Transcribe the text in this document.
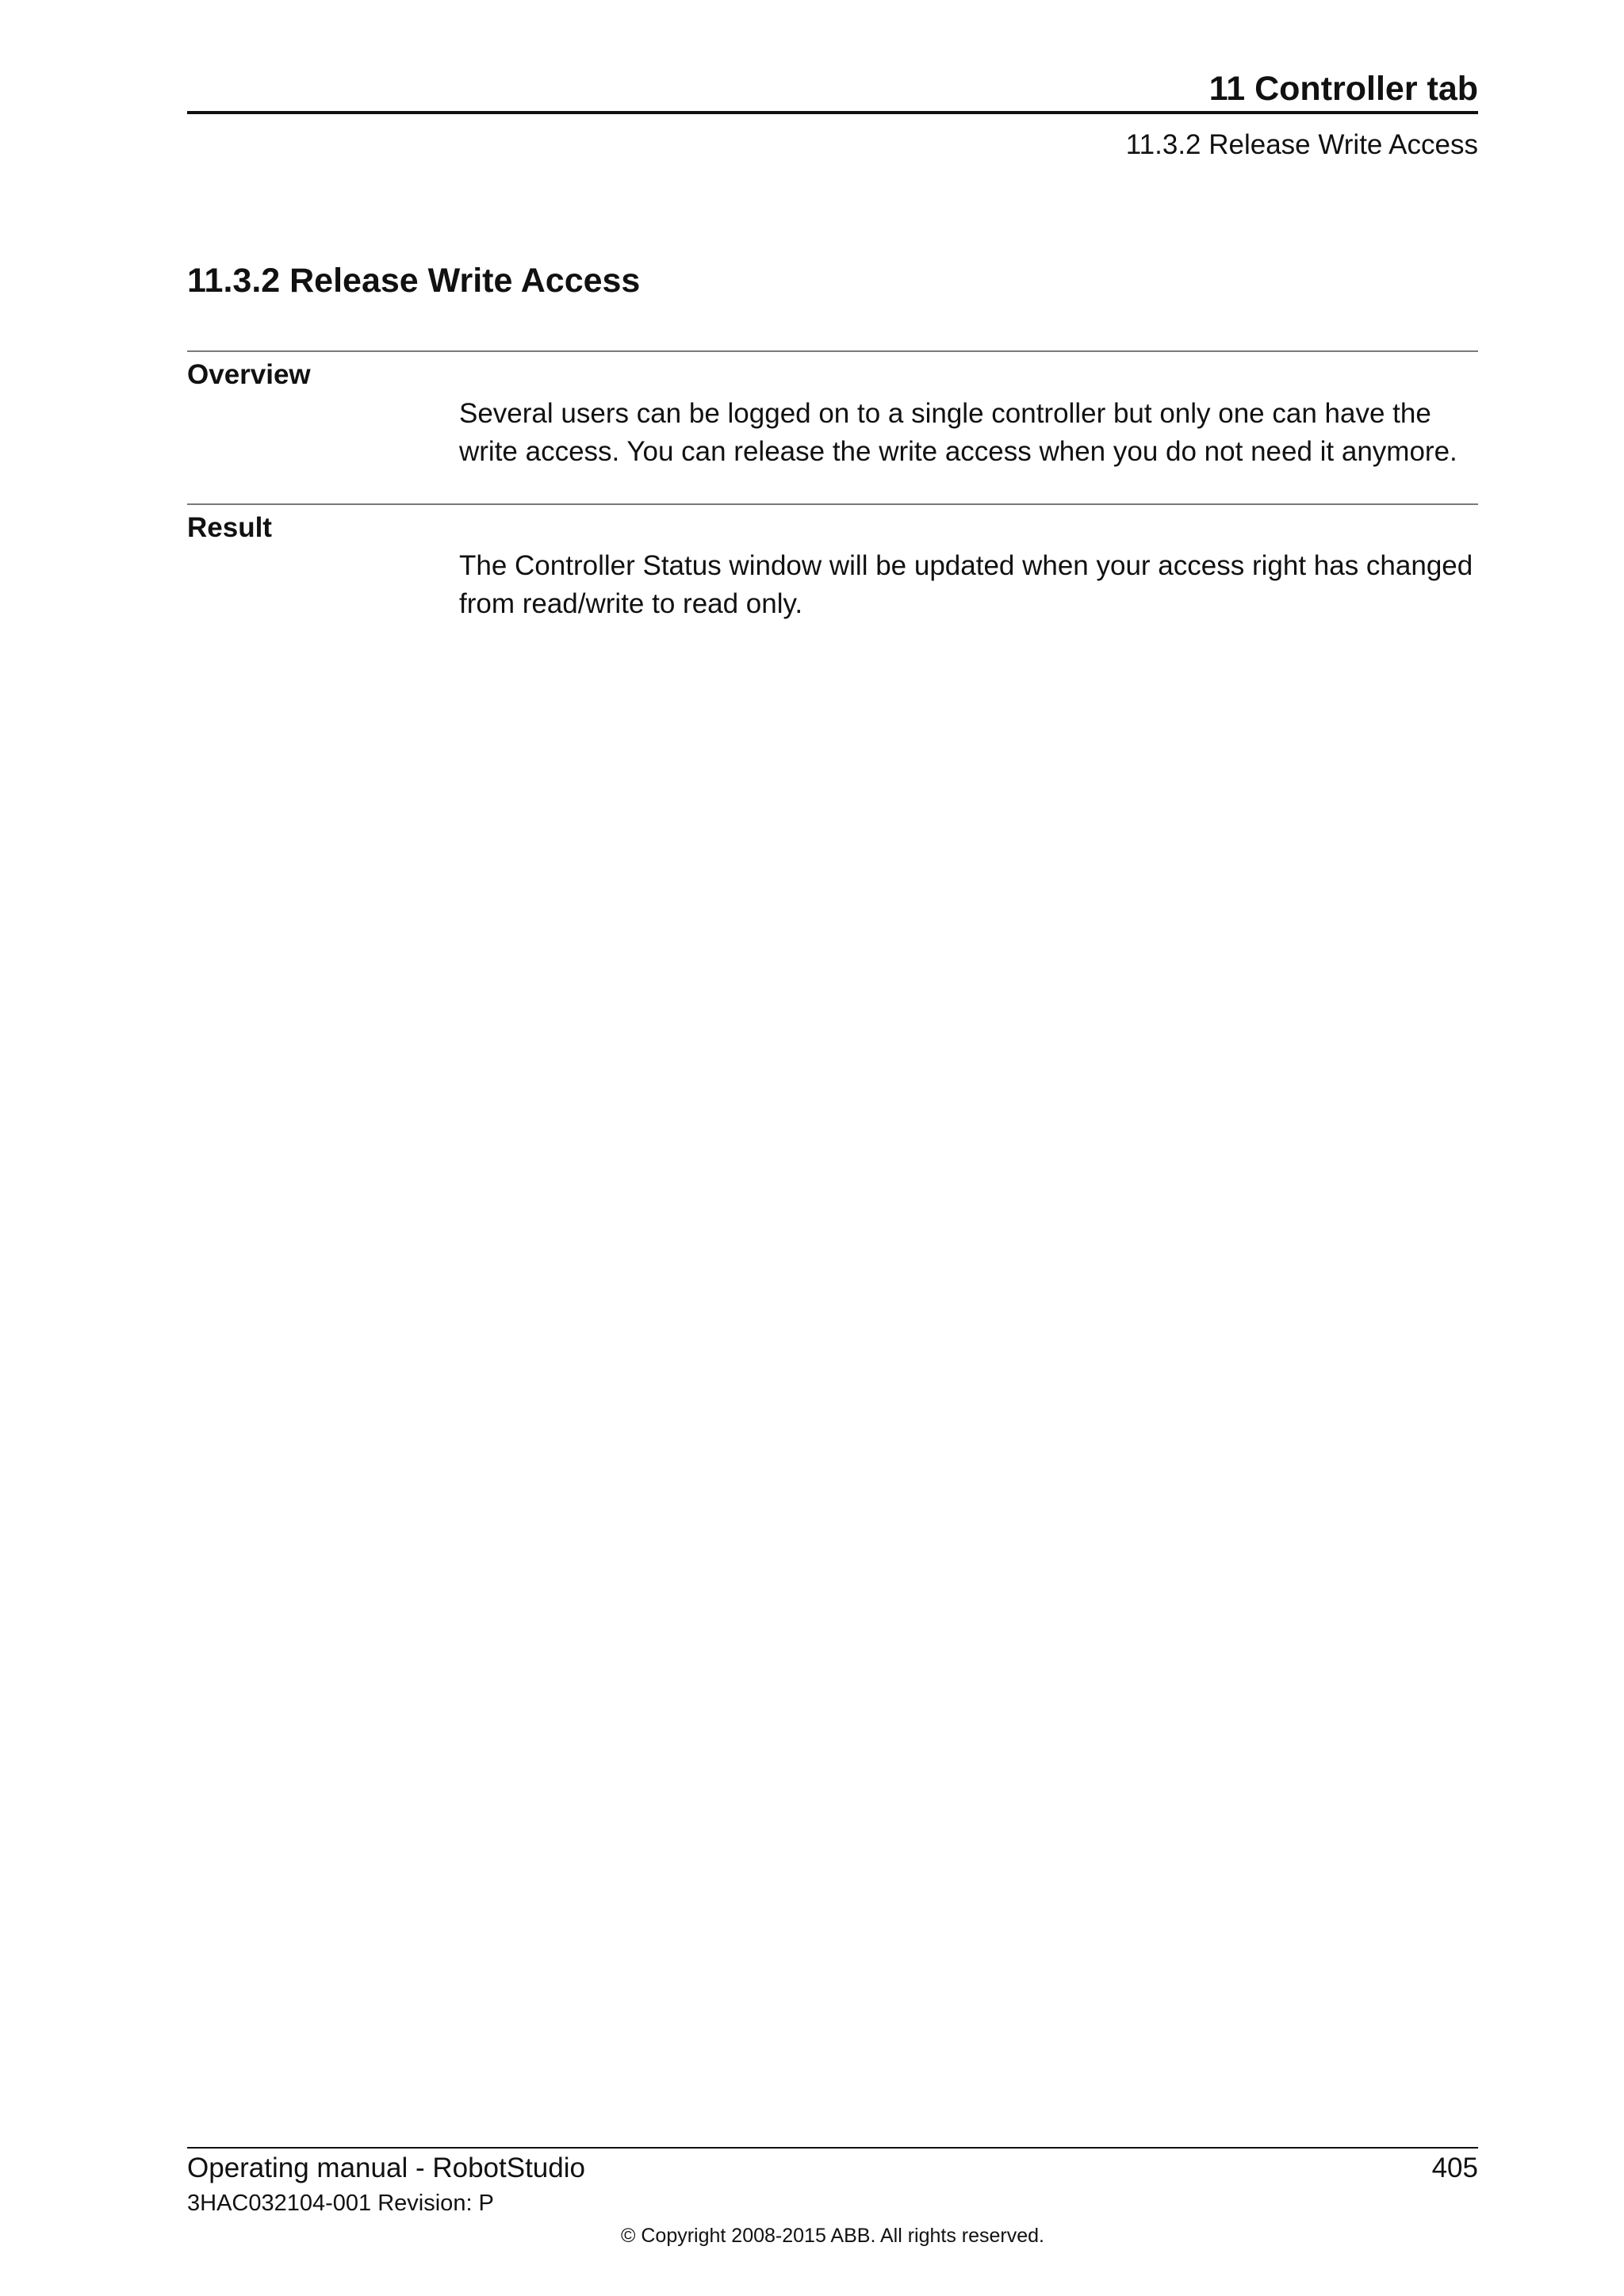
11 Controller tab
11.3.2 Release Write Access
11.3.2 Release Write Access
Overview

Several users can be logged on to a single controller but only one can have the write access. You can release the write access when you do not need it anymore.

Result

The Controller Status window will be updated when your access right has changed from read/write to read only.

Operating manual - RobotStudio	405
3HAC032104-001 Revision: P
© Copyright 2008-2015 ABB. All rights reserved.
